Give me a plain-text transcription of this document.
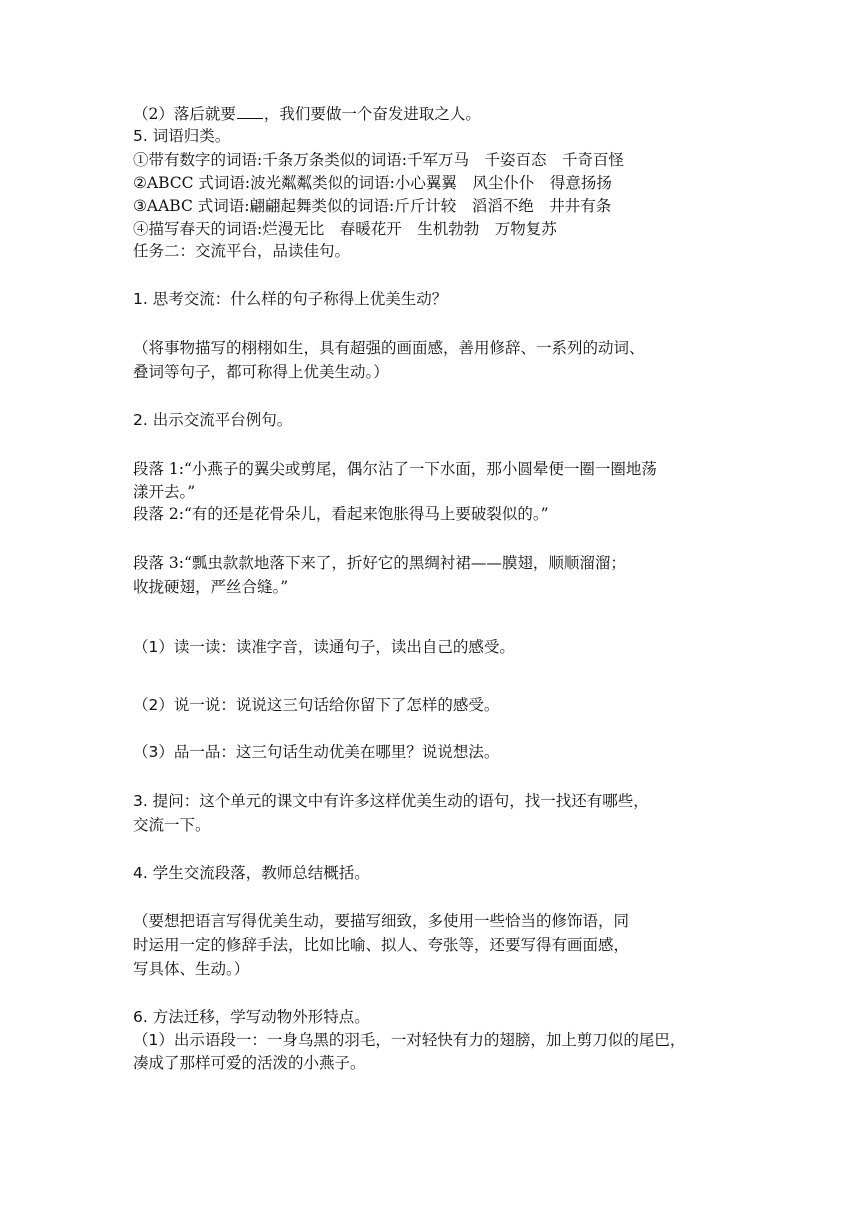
（2）落后就要 ，我们要做一个奋发进取之人。
5. 词语归类。
①带有数字的词语:千条万条类似的词语:千军万马　千姿百态　千奇百怪
②ABCC 式词语:波光粼粼类似的词语:小心翼翼　风尘仆仆　得意扬扬
③AABC 式词语:翩翩起舞类似的词语:斤斤计较　滔滔不绝　井井有条
④描写春天的词语:烂漫无比　春暖花开　生机勃勃　万物复苏
任务二：交流平台，品读佳句。
1. 思考交流：什么样的句子称得上优美生动？
（将事物描写的栩栩如生，具有超强的画面感，善用修辞、一系列的动词、
叠词等句子，都可称得上优美生动。）
2. 出示交流平台例句。
段落 1:“小燕子的翼尖或剪尾，偶尔沾了一下水面，那小圆晕便一圈一圈地荡
漾开去。”
段落 2:“有的还是花骨朵儿，看起来饱胀得马上要破裂似的。”
段落 3:“瓢虫款款地落下来了，折好它的黑绸衬裙——膜翅，顺顺溜溜；
收拢硬翅，严丝合缝。”
（1）读一读：读准字音，读通句子，读出自己的感受。
（2）说一说：说说这三句话给你留下了怎样的感受。
（3）品一品：这三句话生动优美在哪里？说说想法。
3. 提问：这个单元的课文中有许多这样优美生动的语句，找一找还有哪些，
交流一下。
4. 学生交流段落，教师总结概括。
（要想把语言写得优美生动，要描写细致，多使用一些恰当的修饰语，同
时运用一定的修辞手法，比如比喻、拟人、夸张等，还要写得有画面感，
写具体、生动。）
6. 方法迁移，学写动物外形特点。
（1）出示语段一：一身乌黑的羽毛，一对轻快有力的翅膀，加上剪刀似的尾巴，
凑成了那样可爱的活泼的小燕子。
